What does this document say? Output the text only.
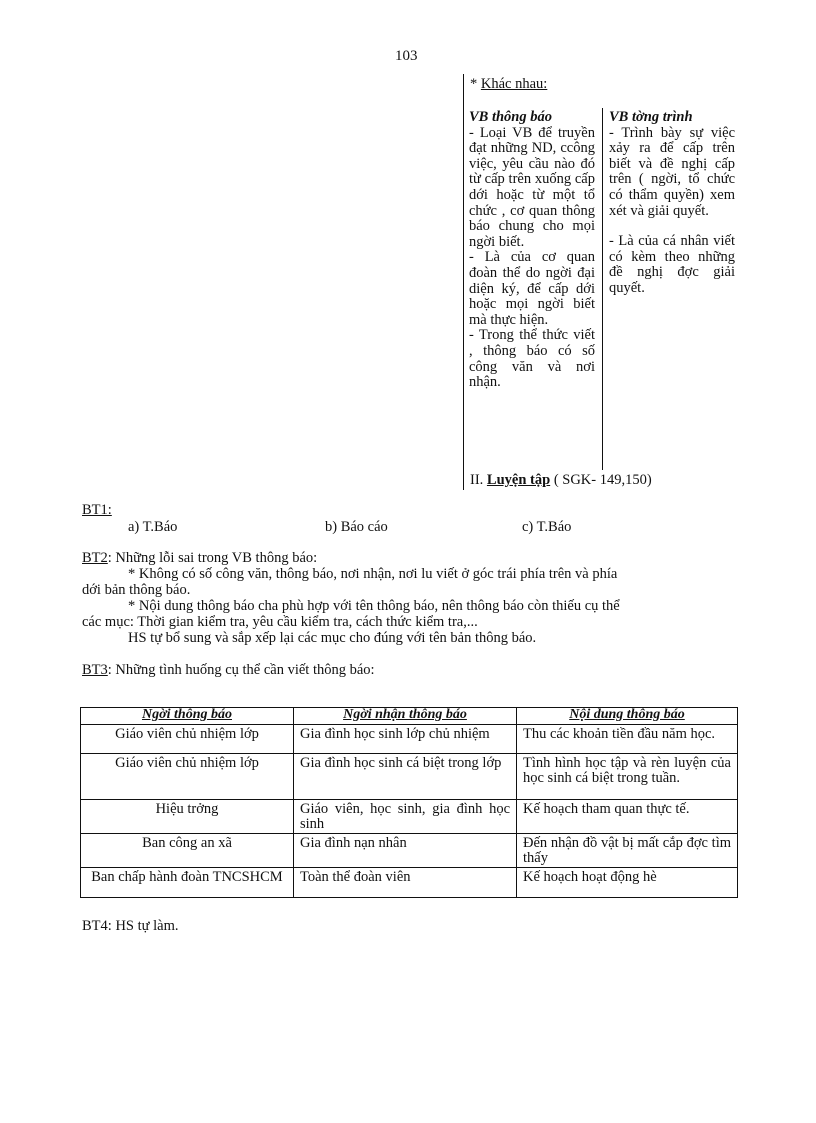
103
* Khác nhau:
VB thông báo

- Loại VB để truyền đạt những ND, ccông việc, yêu cầu nào đó từ cấp trên xuống cấp dới hoặc từ một tổ chức , cơ quan thông báo chung cho mọi ngời biết.

- Là của cơ quan đoàn thể do ngời đại diện ký, để cấp dới hoặc mọi ngời biết mà thực hiện.

- Trong thể thức viết , thông báo có số công văn và nơi nhận.

VB tờng trình

- Trình bày sự việc xảy ra để cấp trên biết và đề nghị cấp trên ( ngời, tổ chức có thẩm quyền) xem xét và giải quyết.

- Là của cá nhân viết có kèm theo những đề nghị đợc giải quyết.

II. Luyện tập ( SGK- 149,150)
BT1:
a) T.Báo	b) Báo cáo	c) T.Báo
BT2: Những lỗi sai trong VB thông báo:
* Không có số công văn, thông báo, nơi nhận, nơi lu viết ở góc trái phía trên và phía
dới bản thông báo.
* Nội dung thông báo cha phù hợp với tên thông báo, nên thông báo còn thiếu cụ thể
các mục: Thời gian kiểm tra, yêu cầu kiểm tra, cách thức kiểm tra,...
HS tự bổ sung và sắp xếp lại các mục cho đúng với tên bản thông báo.
BT3: Những tình huống cụ thể cần viết thông báo:
Ngời thông báo	Ngời nhận thông báo	Nội dung thông báo
Giáo viên chủ nhiệm lớp	Gia đình học sinh lớp chủ nhiệm	Thu các khoản tiền đầu năm học.
Giáo viên chủ nhiệm lớp	Gia đình học sinh cá biệt trong lớp	Tình hình học tập và rèn luyện của học sinh cá biệt trong tuần.
Hiệu trởng	Giáo viên, học sinh, gia đình học sinh	Kế hoạch tham quan thực tế.
Ban công an xã	Gia đình nạn nhân	Đến nhận đồ vật bị mất cắp đợc tìm thấy
Ban chấp hành đoàn TNCSHCM	Toàn thể đoàn viên	Kế hoạch hoạt động hè
BT4: HS tự làm.
